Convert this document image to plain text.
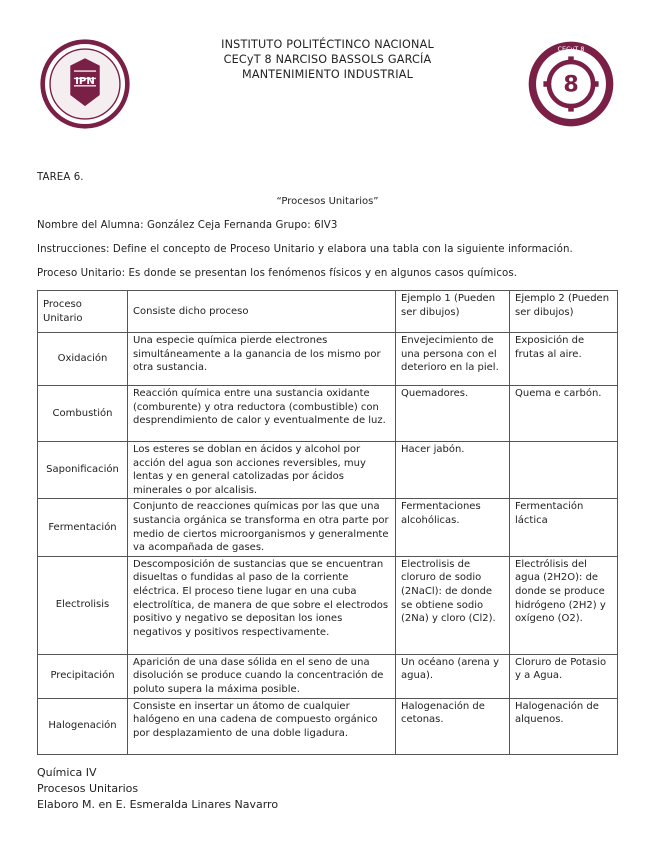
IPN
INSTITUTO POLITÉCTINCO NACIONAL
CECyT 8 NARCISO BASSOLS GARCÍA
MANTENIMIENTO INDUSTRIAL	8
CECyT 8
TAREA 6.
“Procesos Unitarios”
Nombre del Alumna: González Ceja Fernanda Grupo: 6IV3
Instrucciones: Define el concepto de Proceso Unitario y elabora una tabla con la siguiente información.
Proceso Unitario: Es donde se presentan los fenómenos físicos y en algunos casos químicos.
Proceso Unitario	Consiste dicho proceso	Ejemplo 1 (Pueden ser dibujos)	Ejemplo 2 (Pueden ser dibujos)
Oxidación	Una especie química pierde electrones simultáneamente a la ganancia de los mismo por otra sustancia.	Envejecimiento de una persona con el deterioro en la piel.	Exposición de frutas al aire.
Combustión	Reacción química entre una sustancia oxidante (comburente) y otra reductora (combustible) con desprendimiento de calor y eventualmente de luz.	Quemadores.	Quema e carbón.
Saponificación	Los esteres se doblan en ácidos y alcohol por acción del agua son acciones reversibles, muy lentas y en general catolizadas por ácidos minerales o por alcalisis.	Hacer jabón.	
Fermentación	Conjunto de reacciones químicas por las que una sustancia orgánica se transforma en otra parte por medio de ciertos microorganismos y generalmente va acompañada de gases.	Fermentaciones alcohólicas.	Fermentación láctica
Electrolisis	Descomposición de sustancias que se encuentran disueltas o fundidas al paso de la corriente eléctrica. El proceso tiene lugar en una cuba electrolítica, de manera de que sobre el electrodos positivo y negativo se depositan los iones negativos y positivos respectivamente.	Electrolisis de cloruro de sodio (2NaCl): de donde se obtiene sodio (2Na) y cloro (Cl2).	Electrólisis del agua (2H2O): de donde se produce hidrógeno (2H2) y oxígeno (O2).
Precipitación	Aparición de una dase sólida en el seno de una disolución se produce cuando la concentración de poluto supera la máxima posible.	Un océano (arena y agua).	Cloruro de Potasio y a Agua.
Halogenación	Consiste en insertar un átomo de cualquier halógeno en una cadena de compuesto orgánico por desplazamiento de una doble ligadura.	Halogenación de cetonas.	Halogenación de alquenos.
Química IV
Procesos Unitarios
Elaboro M. en E. Esmeralda Linares Navarro
